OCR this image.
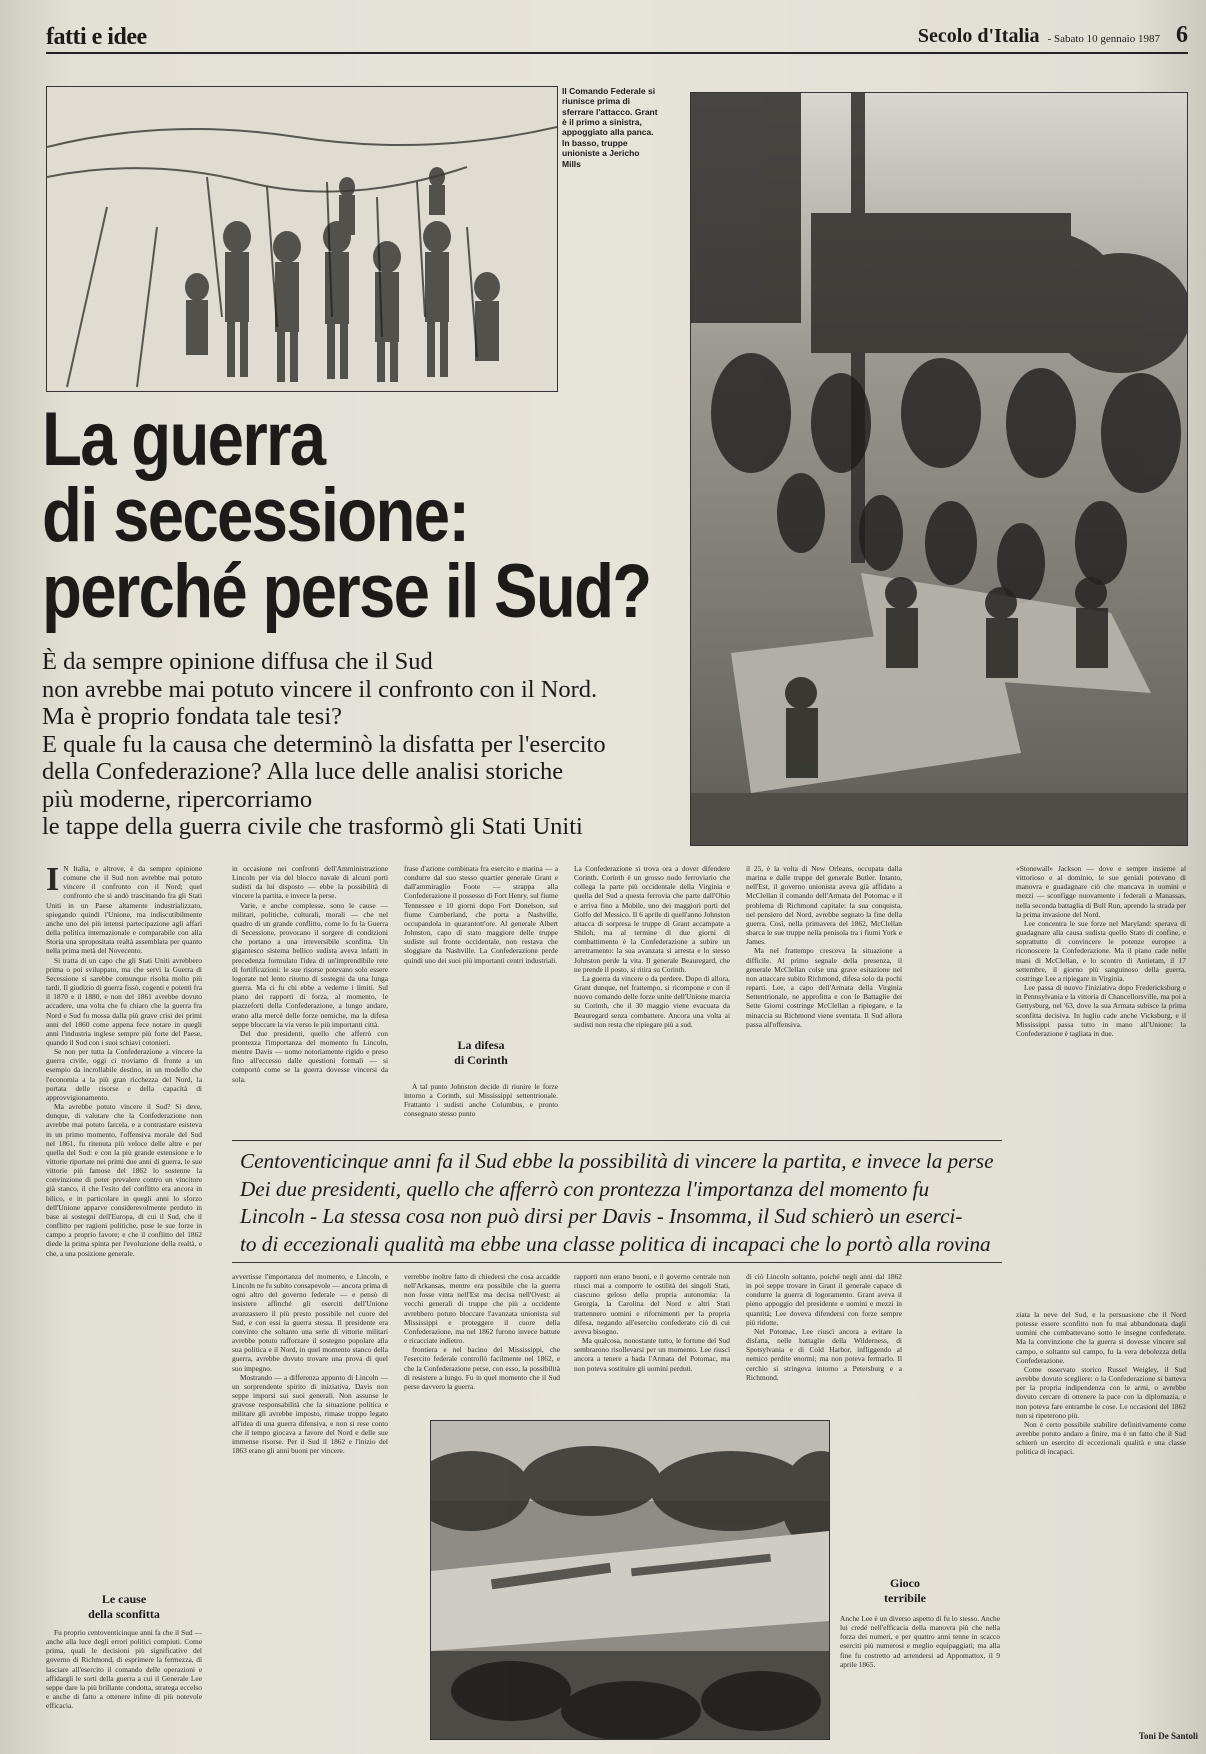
fatti e idee	Secolo d'Italia - Sabato 10 gennaio 1987 6
Il Comando Federale si riunisce prima di sferrare l'attacco. Grant è il primo a sinistra, appoggiato alla panca. In basso, truppe unioniste a Jericho Mills
La guerra
di secessione:
perché perse il Sud?
È da sempre opinione diffusa che il Sud
non avrebbe mai potuto vincere il confronto con il Nord.
Ma è proprio fondata tale tesi?
E quale fu la causa che determinò la disfatta per l'esercito
della Confederazione? Alla luce delle analisi storiche
più moderne, ripercorriamo
le tappe della guerra civile che trasformò gli Stati Uniti
I N Italia, e altrove, è da sempre opinione comune che il Sud non avrebbe mai potuto vincere il confronto con il Nord; quel confronto che si andò trascinando fra gli Stati Uniti in un Paese altamente industrializzato, spiegando quindi l'Unione, ma indiscutibilmente anche uno dei più intensi partecipazione agli affari della politica internazionale e comparabile con alla Storia una spropositata realtà assemblata per quanto nella prima metà del Novecento.

Si tratta di un capo che gli Stati Uniti avrebbero prima o poi sviluppato, ma che servì la Guerra di Secessione si sarebbe comunque risolta molto più tardi. Il giudizio di guerra fissò, cogenti e potenti fra il 1870 e il 1880, e non del 1861 avrebbe dovuto accadere, una volta che fu chiaro che la guerra fra Nord e Sud fu mossa dalla più grave crisi dei primi anni del 1860 come appena fece notare in quegli anni l'industria inglese sempre più forte del Paese, quando il Sud con i suoi schiavi cotonieri.

Se non per tutta la Confederazione a vincere la guerra civile, oggi ci troviamo di fronte a un esempio da incrollabile destino, in un modello che l'economia a la più gran ricchezza del Nord, la portata delle risorse e della capacità di approvvigionamento.

Ma avrebbe potuto vincere il Sud? Si deve, dunque, di valutare che la Confederazione non avrebbe mai potuto farcela, e a contrastare esisteva in un primo momento, l'offensiva morale del Sud nel 1861, fu ritenuta più veloce delle altre e per quella del Sud: e con la più grande estensione e le vittorie riportate nei primi due anni di guerra, le sue vittorie più famose del 1862 lo sostenne la convinzione di poter prevalere contro un vincitore già stanco, il che l'esito del conflitto era ancora in bilico, e in particolare in quegli anni lo sforzo dell'Unione apparve considerevolmente perduto in base ai sostegni dell'Europa, di cui il Sud, che il conflitto per ragioni politiche, pose le sue forze in campo a proprio favore; e che il conflitto del 1862 diede la prima spinta per l'evoluzione della realtà, e che, a una posizione generale.

Le cause
della sconfitta

Fu proprio centoventicinque anni fa che il Sud — anche alla luce degli errori politici compiuti. Come prima, quali le decisioni più significative del governo di Richmond, di esprimere la fermezza, di lasciare all'esercito il comando delle operazioni e affidargli le sorti della guerra a cui il Generale Lee seppe dare la più brillante condotta, stratega eccelso e anche di fatto a ottenere infine di più notevole efficacia.

in occasione nei confronti dell'Amministrazione Lincoln per via del blocco navale di alcuni porti sudisti da lui disposto — ebbe la possibilità di vincere la partita, e invece la perse.

Varie, e anche complesse, sono le cause — militari, politiche, culturali, morali — che nel quadro di un grande conflitto, come lo fu la Guerra di Secessione, provocano il sorgere di condizioni che portano a una irreversibile sconfitta. Un gigantesco sistema bellico sudista aveva infatti in precedenza formulato l'idea di un'imprendibile rete di fortificazioni: le sue risorse potevano solo essere logorate nel lento ritorno di sostegni da una lunga guerra. Ma ci fu chi ebbe a vederne i limiti. Sul piano dei rapporti di forza, al momento, le piazzeforti della Confederazione, a lungo andare, erano alla mercé delle forze nemiche, ma la difesa seppe bloccare la via verso le più importanti città.

Del due presidenti, quello che afferrò con prontezza l'importanza del momento fu Lincoln, mentre Davis — uomo notoriamente rigido e preso fino all'eccesso dalle questioni formali — si comportò come se la guerra dovesse vincersi da sola.

frase d'azione combinata fra esercito e marina — a condurre dal suo stesso quartier generale Grant e dall'ammiraglio Foote — strappa alla Confederazione il possesso di Fort Henry, sul fiume Tennessee e 10 giorni dopo Fort Donelson, sul fiume Cumberland, che porta a Nashville, occupandola in quarantott'ore. Al generale Albert Johnston, capo di stato maggiore delle truppe sudiste sul fronte occidentale, non restava che sloggiare da Nashville. La Confederazione perde quindi uno dei suoi più importanti centri industriali.

La difesa
di Corinth

A tal punto Johnston decide di riunire le forze intorno a Corinth, sul Mississippi settentrionale. Frattanto i sudisti anche Columbus, e pronto consegnato stesso punto

La Confederazione si trova ora a dover difendere Corinth. Corinth è un grosso nodo ferroviario che collega la parte più occidentale della Virginia e quella del Sud a questa ferrovia che parte dall'Ohio e arriva fino a Mobile, uno dei maggiori porti del Golfo del Messico. Il 6 aprile di quell'anno Johnston attacca di sorpresa le truppe di Grant accampate a Shiloh, ma al termine di due giorni di combattimento è la Confederazione a subire un arretramento: la sua avanzata si arresta e lo stesso Johnston perde la vita. Il generale Beauregard, che ne prende il posto, si ritira su Corinth.

La guerra da vincere o da perdere. Dopo di allora, Grant dunque, nel frattempo, si ricompone e con il nuovo comando delle forze unite dell'Unione marcia su Corinth, che il 30 maggio viene evacuata da Beauregard senza combattere. Ancora una volta ai sudisti non resta che ripiegare più a sud.

il 25, è la volta di New Orleans, occupata dalla marina e dalle truppe del generale Butler. Intanto, nell'Est, il governo unionista aveva già affidato a McClellan il comando dell'Armata del Potomac e il problema di Richmond capitale: la sua conquista, nel pensiero del Nord, avrebbe segnato la fine della guerra. Così, nella primavera del 1862, McClellan sbarca le sue truppe nella penisola tra i fiumi York e James.

Ma nel frattempo cresceva la situazione a difficile. Al primo segnale della presenza, il generale McClellan colse una grave esitazione nel non attaccare subito Richmond, difesa solo da pochi reparti. Lee, a capo dell'Armata della Virginia Settentrionale, ne approfitta e con le Battaglie dei Sette Giorni costringe McClellan a ripiegare, e la minaccia su Richmond viene sventata. Il Sud allora passa all'offensiva.

«Stonewall» Jackson — dove e sempre insieme al vittorioso e al dominio, le sue geniali potevano di manovra e guadagnare ciò che mancava in uomini e mezzi — sconfigge nuovamente i federali a Manassas, nella seconda battaglia di Bull Run, aprendo la strada per la prima invasione del Nord.

Lee concentra le sue forze nel Maryland: sperava di guadagnare alla causa sudista quello Stato di confine, e soprattutto di convincere le potenze europee a riconoscere la Confederazione. Ma il piano cade nelle mani di McClellan, e lo scontro di Antietam, il 17 settembre, il giorno più sanguinoso della guerra, costringe Lee a ripiegare in Virginia.

Lee passa di nuovo l'iniziativa dopo Fredericksburg e in Pennsylvania e la vittoria di Chancellorsville, ma poi a Gettysburg, nel '63, dove la sua Armata subisce la prima sconfitta decisiva. In luglio cade anche Vicksburg, e il Mississippi passa tutto in mano all'Unione: la Confederazione è tagliata in due.

Centoventicinque anni fa il Sud ebbe la possibilità di vincere la partita, e invece la perse
Dei due presidenti, quello che afferrò con prontezza l'importanza del momento fu
Lincoln - La stessa cosa non può dirsi per Davis - Insomma, il Sud schierò un eserci-
to di eccezionali qualità ma ebbe una classe politica di incapaci che lo portò alla rovina

avvertisse l'importanza del momento, e Lincoln, e Lincoln ne fu subito consapevole — ancora prima di ogni altro del governo federale — e pensò di insistere affinché gli eserciti dell'Unione avanzassero il più presto possibile nel cuore del Sud, e con essi la guerra stessa. Il presidente era convinto che soltanto una serie di vittorie militari avrebbe potuto rafforzare il sostegno popolare alla sua politica e il Nord, in quel momento stanco della guerra, avrebbe dovuto trovare una prova di quel suo impegno.

Mostrando — a differenza appunto di Lincoln — un sorprendente spirito di iniziativa, Davis non seppe imporsi sui suoi generali. Non assunse le gravose responsabilità che la situazione politica e militare gli avrebbe imposto, rimase troppo legato all'idea di una guerra difensiva, e non si rese conto che il tempo giocava a favore del Nord e delle sue immense risorse. Per il Sud il 1862 e l'inizio del 1863 erano gli anni buoni per vincere.

verrebbe inoltre fatto di chiedersi che cosa accadde nell'Arkansas, mentre era possibile che la guerra non fosse vinta nell'Est ma decisa nell'Ovest: ai vecchi generali di truppe che più a occidente avrebbero potuto bloccare l'avanzata unionista sul Mississippi e proteggere il cuore della Confederazione, ma nel 1862 furono invece battute e ricacciate indietro.

frontiera e nel bacino del Mississippi, che l'esercito federale controllò facilmente nel 1862, e che la Confederazione perse, con esso, la possibilità di resistere a lungo. Fu in quel momento che il Sud perse davvero la guerra.

rapporti non erano buoni, e il governo centrale non riuscì mai a comporre le ostilità dei singoli Stati, ciascuno geloso della propria autonomia: la Georgia, la Carolina del Nord e altri Stati trattennero uomini e rifornimenti per la propria difesa, negando all'esercito confederato ciò di cui aveva bisogno.

Ma qualcosa, nonostante tutto, le fortune del Sud sembrarono risollevarsi per un momento. Lee riuscì ancora a tenere a bada l'Armata del Potomac, ma non poteva sostituire gli uomini perduti.

di ciò Lincoln soltanto, poiché negli anni dal 1862 in poi seppe trovare in Grant il generale capace di condurre la guerra di logoramento. Grant aveva il pieno appoggio del presidente e uomini e mezzi in quantità; Lee doveva difendersi con forze sempre più ridotte.

Nel Potomac, Lee riuscì ancora a evitare la disfatta, nelle battaglie della Wilderness, di Spotsylvania e di Cold Harbor, infliggendo al nemico perdite enormi; ma non poteva fermarlo. Il cerchio si stringeva intorno a Petersburg e a Richmond.

Gioco
terribile

Anche Lee è un diverso aspetto di fu lo stesso. Anche lui credé nell'efficacia della manovra più che nella forza dei numeri, e per quattro anni tenne in scacco eserciti più numerosi e meglio equipaggiati; ma alla fine fu costretto ad arrendersi ad Appomattox, il 9 aprile 1865.

ziata la neve del Sud, e la persuasione che il Nord potesse essere sconfitto non fu mai abbandonata dagli uomini che combattevano sotto le insegne confederate. Ma la convinzione che la guerra si dovesse vincere sul campo, e soltanto sul campo, fu la vera debolezza della Confederazione.

Come osservato storico Russel Weigley, il Sud avrebbe dovuto scegliere: o la Confederazione si batteva per la propria indipendenza con le armi, o avrebbe dovuto cercare di ottenere la pace con la diplomazia, e non poteva fare entrambe le cose. Le occasioni del 1862 non si ripeterono più.

Non è certo possibile stabilire definitivamente come avrebbe potuto andare a finire, ma è un fatto che il Sud schierò un esercito di eccezionali qualità e una classe politica di incapaci.

Toni De Santoli
